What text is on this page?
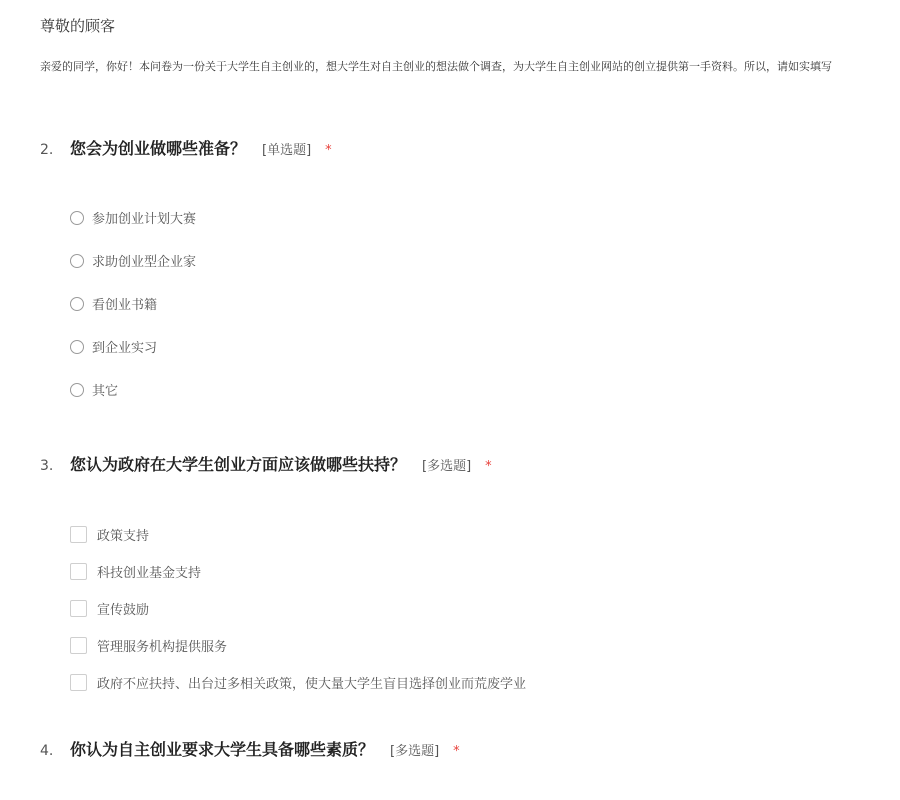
尊敬的顾客
亲爱的同学，你好！本问卷为一份关于大学生自主创业的，想大学生对自主创业的想法做个调查，为大学生自主创业网站的创立提供第一手资料。所以，请如实填写
2.	您会为创业做哪些准备？ [单选题] *
参加创业计划大赛
求助创业型企业家
看创业书籍
到企业实习
其它
3.	您认为政府在大学生创业方面应该做哪些扶持？ [多选题] *
政策支持
科技创业基金支持
宣传鼓励
管理服务机构提供服务
政府不应扶持、出台过多相关政策，使大量大学生盲目选择创业而荒废学业
4.	你认为自主创业要求大学生具备哪些素质？ [多选题] *
